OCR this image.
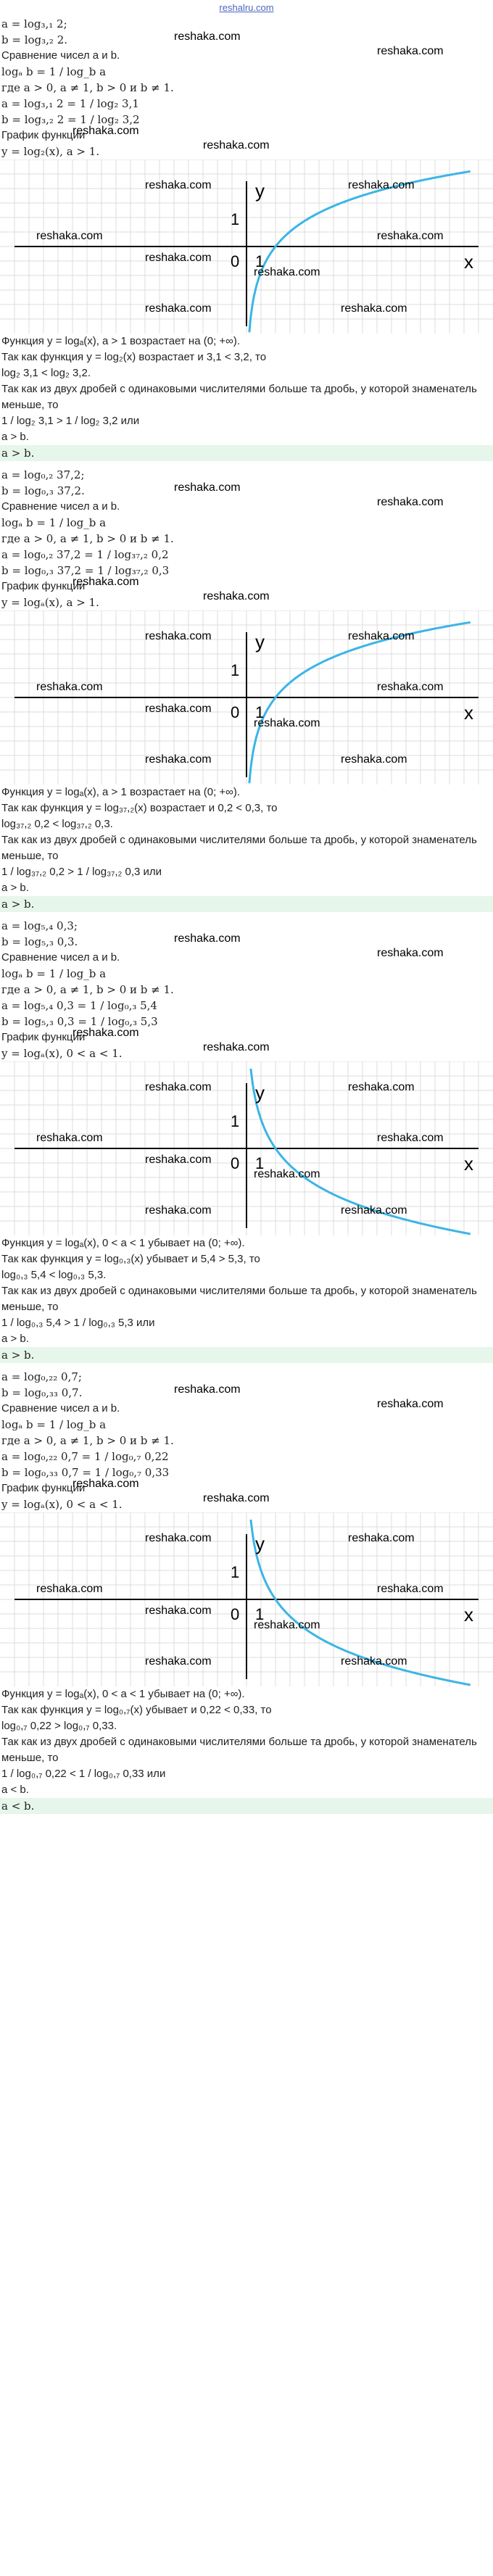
reshalru.com
a = log₃,₁ 2;
b = log₃,₂ 2.
Сравнение чисел a и b.
logₐ b = 1 / log_b a
где a > 0, a ≠ 1, b > 0 и b ≠ 1.
a = log₃,₁ 2 = 1 / log₂ 3,1
b = log₃,₂ 2 = 1 / log₂ 3,2
График функции
y = log₂(x), a > 1.
y
x
0 1
1
reshaka.com	reshaka.com
reshaka.com
reshaka.com
reshaka.com
reshaka.com
reshaka.com	reshaka.com
Функция y = logₐ(x), a > 1 возрастает на (0; +∞).
Так как функция y = log₂(x) возрастает и 3,1 < 3,2, то
log₂ 3,1 < log₂ 3,2.
Так как из двух дробей с одинаковыми числителями больше та дробь, у которой знаменатель меньше, то
1 / log₂ 3,1 > 1 / log₂ 3,2 или
a > b.
a > b.
reshaka.com
reshaka.com
reshaka.com
reshaka.com
a = log₀,₂ 37,2;
b = log₀,₃ 37,2.
Сравнение чисел a и b.
logₐ b = 1 / log_b a
где a > 0, a ≠ 1, b > 0 и b ≠ 1.
a = log₀,₂ 37,2 = 1 / log₃₇,₂ 0,2
b = log₀,₃ 37,2 = 1 / log₃₇,₂ 0,3
График функции
y = logₐ(x), a > 1.
y
x
0 1
1
reshaka.com	reshaka.com
reshaka.com
reshaka.com
reshaka.com
reshaka.com
reshaka.com	reshaka.com
Функция y = logₐ(x), a > 1 возрастает на (0; +∞).
Так как функция y = log₃₇,₂(x) возрастает и 0,2 < 0,3, то
log₃₇,₂ 0,2 < log₃₇,₂ 0,3.
Так как из двух дробей с одинаковыми числителями больше та дробь, у которой знаменатель меньше, то
1 / log₃₇,₂ 0,2 > 1 / log₃₇,₂ 0,3 или
a > b.
a > b.
reshaka.com
reshaka.com
reshaka.com
reshaka.com
a = log₅,₄ 0,3;
b = log₅,₃ 0,3.
Сравнение чисел a и b.
logₐ b = 1 / log_b a
где a > 0, a ≠ 1, b > 0 и b ≠ 1.
a = log₅,₄ 0,3 = 1 / log₀,₃ 5,4
b = log₅,₃ 0,3 = 1 / log₀,₃ 5,3
График функции
y = logₐ(x), 0 < a < 1.
y
x
0 1
1
reshaka.com	reshaka.com
reshaka.com
reshaka.com
reshaka.com
reshaka.com
reshaka.com	reshaka.com
Функция y = logₐ(x), 0 < a < 1 убывает на (0; +∞).
Так как функция y = log₀,₃(x) убывает и 5,4 > 5,3, то
log₀,₃ 5,4 < log₀,₃ 5,3.
Так как из двух дробей с одинаковыми числителями больше та дробь, у которой знаменатель меньше, то
1 / log₀,₃ 5,4 > 1 / log₀,₃ 5,3 или
a > b.
a > b.
reshaka.com
reshaka.com
reshaka.com
reshaka.com
a = log₀,₂₂ 0,7;
b = log₀,₃₃ 0,7.
Сравнение чисел a и b.
logₐ b = 1 / log_b a
где a > 0, a ≠ 1, b > 0 и b ≠ 1.
a = log₀,₂₂ 0,7 = 1 / log₀,₇ 0,22
b = log₀,₃₃ 0,7 = 1 / log₀,₇ 0,33
График функции
y = logₐ(x), 0 < a < 1.
y
x
0 1
1
reshaka.com	reshaka.com
reshaka.com
reshaka.com
reshaka.com
reshaka.com
reshaka.com	reshaka.com
Функция y = logₐ(x), 0 < a < 1 убывает на (0; +∞).
Так как функция y = log₀,₇(x) убывает и 0,22 < 0,33, то
log₀,₇ 0,22 > log₀,₇ 0,33.
Так как из двух дробей с одинаковыми числителями больше та дробь, у которой знаменатель меньше, то
1 / log₀,₇ 0,22 < 1 / log₀,₇ 0,33 или
a < b.
a < b.
reshaka.com
reshaka.com
reshaka.com
reshaka.com
